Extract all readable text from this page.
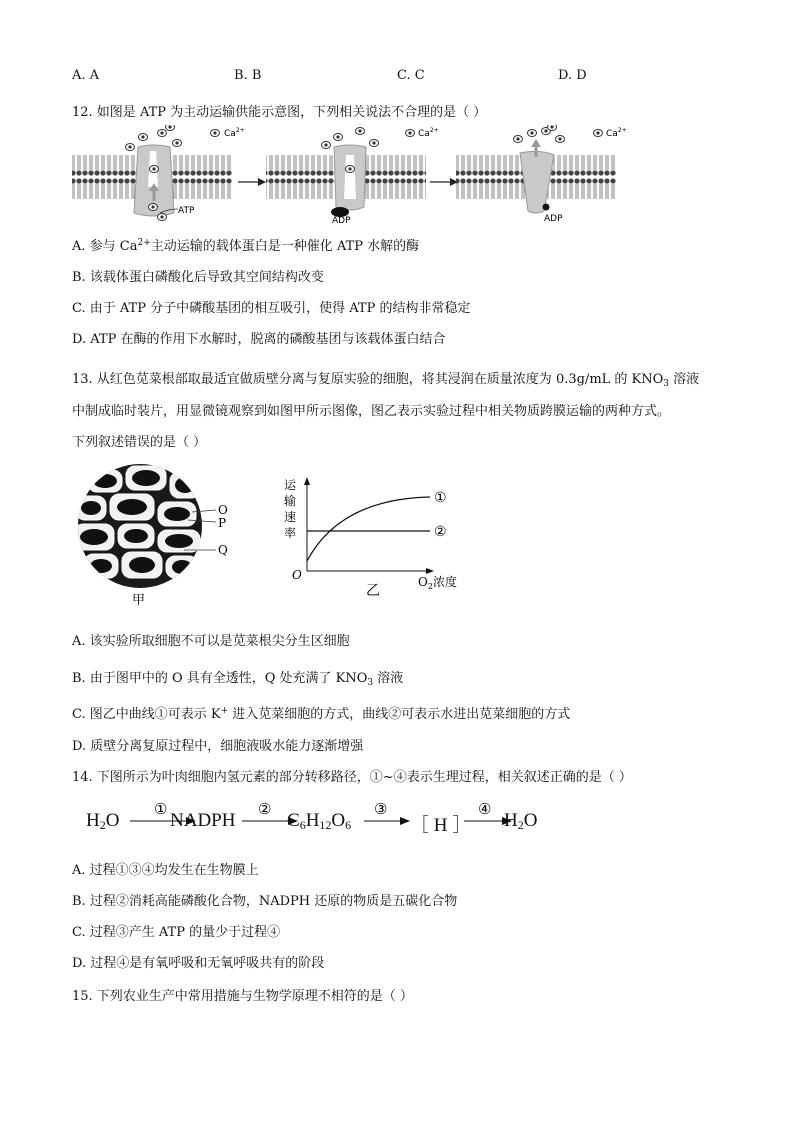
A. A	B. B	C. C	D. D
12. 如图是 ATP 为主动运输供能示意图，下列相关说法不合理的是（ ）
ATP
$Ca^{2+}$
ADP
$Ca^{2+}$
ADP
$Ca^{2+}$
A. 参与 $Ca^{2+}$主动运输的载体蛋白是一种催化 ATP 水解的酶
B. 该载体蛋白磷酸化后导致其空间结构改变
C. 由于 ATP 分子中磷酸基团的相互吸引，使得 ATP 的结构非常稳定
D. ATP 在酶的作用下水解时，脱离的磷酸基团与该载体蛋白结合
13. 从红色苋菜根部取最适宜做质壁分离与复原实验的细胞，将其浸润在质量浓度为 0.3g/mL 的 $KNO_3$ 溶液
中制成临时装片，用显微镜观察到如图甲所示图像，图乙表示实验过程中相关物质跨膜运输的两种方式。
下列叙述错误的是（ ）
O
P
Q
甲
运
输
速
率
O
①
②
乙
$O_2$浓度
A. 该实验所取细胞不可以是苋菜根尖分生区细胞
B. 由于图甲中的 O 具有全透性，Q 处充满了 $KNO_3$ 溶液
C. 图乙中曲线①可表示 K+ 进入苋菜细胞的方式，曲线②可表示水进出苋菜细胞的方式
D. 质壁分离复原过程中，细胞液吸水能力逐渐增强
14. 下图所示为叶肉细胞内氢元素的部分转移路径，①~④表示生理过程，相关叙述正确的是（ ）
$H_2O$
①
NADPH
②
$C_6H_{12}O_6$
③
［ H ］
④
$H_2O$
A. 过程①③④均发生在生物膜上
B. 过程②消耗高能磷酸化合物，NADPH 还原的物质是五碳化合物
C. 过程③产生 ATP 的量少于过程④
D. 过程④是有氧呼吸和无氧呼吸共有的阶段
15. 下列农业生产中常用措施与生物学原理不相符的是（ ）
